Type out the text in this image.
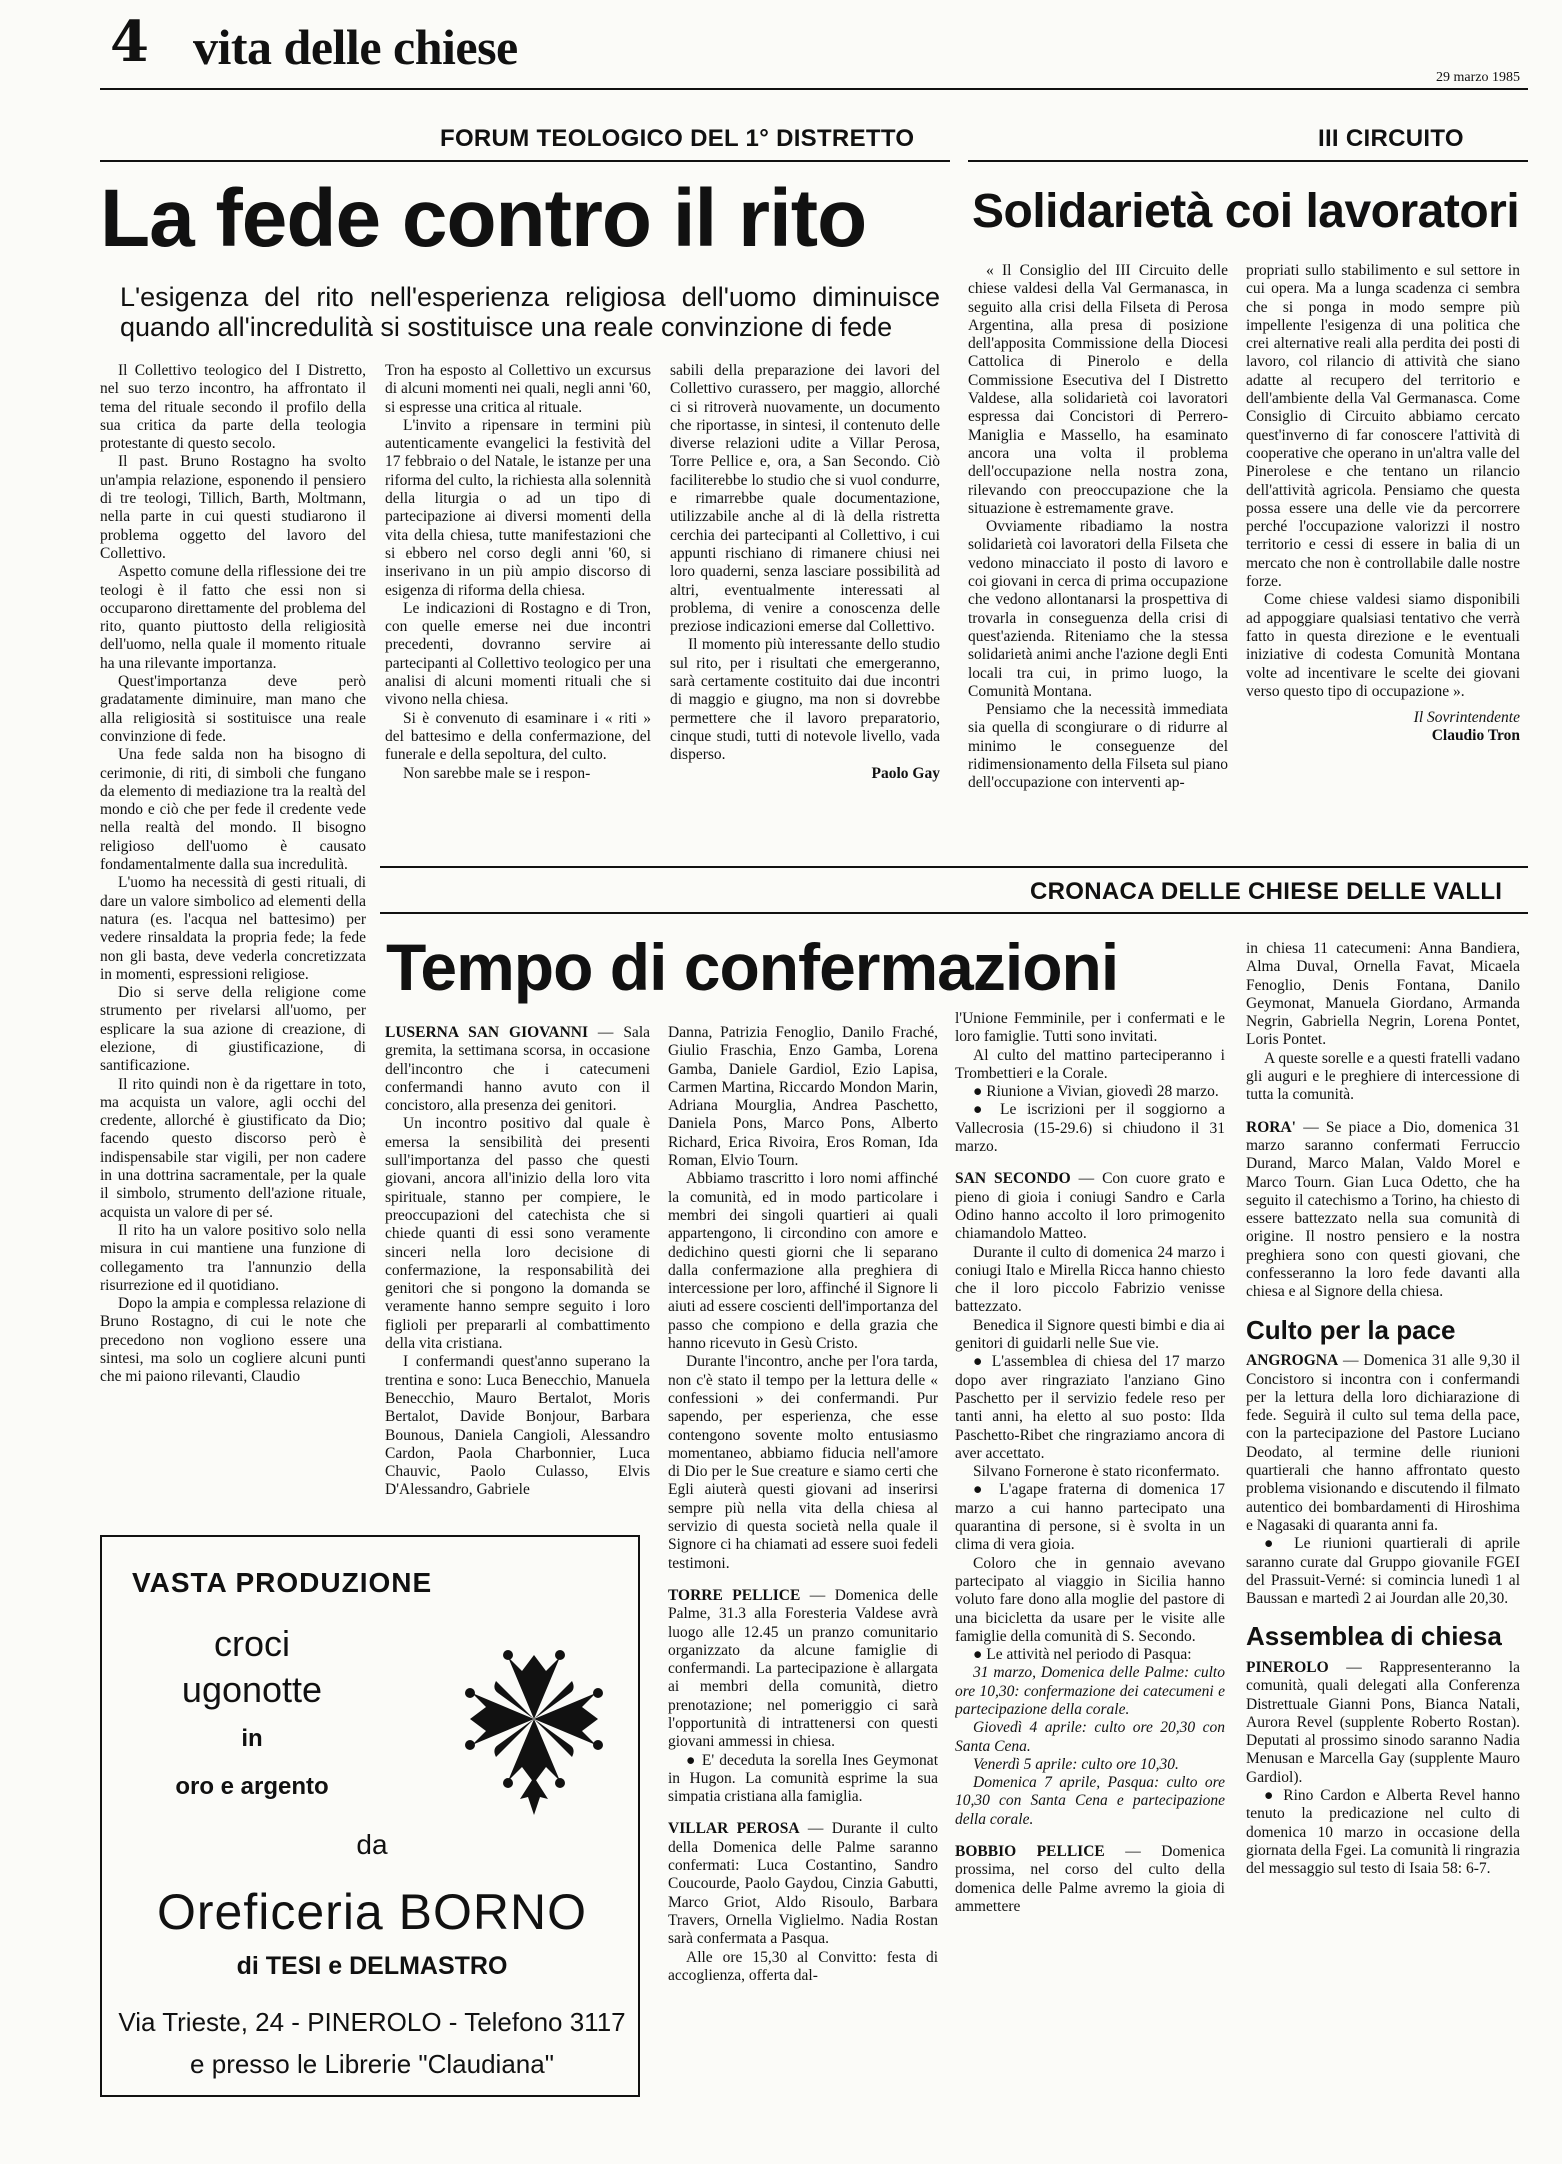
4 vita delle chiese
29 marzo 1985
FORUM TEOLOGICO DEL 1° DISTRETTO
La fede contro il rito
L'esigenza del rito nell'esperienza religiosa dell'uomo diminuisce quando all'incredulità si sostituisce una reale convinzione di fede

Il Collettivo teologico del I Distretto, nel suo terzo incontro, ha affrontato il tema del rituale secondo il profilo della sua critica da parte della teologia protestante di questo secolo.

Il past. Bruno Rostagno ha svolto un'ampia relazione, esponendo il pensiero di tre teologi, Tillich, Barth, Moltmann, nella parte in cui questi studiarono il problema oggetto del lavoro del Collettivo.

Aspetto comune della riflessione dei tre teologi è il fatto che essi non si occuparono direttamente del problema del rito, quanto piuttosto della religiosità dell'uomo, nella quale il momento rituale ha una rilevante importanza.

Quest'importanza deve però gradatamente diminuire, man mano che alla religiosità si sostituisce una reale convinzione di fede.

Una fede salda non ha bisogno di cerimonie, di riti, di simboli che fungano da elemento di mediazione tra la realtà del mondo e ciò che per fede il credente vede nella realtà del mondo. Il bisogno religioso dell'uomo è causato fondamentalmente dalla sua incredulità.

L'uomo ha necessità di gesti rituali, di dare un valore simbolico ad elementi della natura (es. l'acqua nel battesimo) per vedere rinsaldata la propria fede; la fede non gli basta, deve vederla concretizzata in momenti, espressioni religiose.

Dio si serve della religione come strumento per rivelarsi all'uomo, per esplicare la sua azione di creazione, di elezione, di giustificazione, di santificazione.

Il rito quindi non è da rigettare in toto, ma acquista un valore, agli occhi del credente, allorché è giustificato da Dio; facendo questo discorso però è indispensabile star vigili, per non cadere in una dottrina sacramentale, per la quale il simbolo, strumento dell'azione rituale, acquista un valore di per sé.

Il rito ha un valore positivo solo nella misura in cui mantiene una funzione di collegamento tra l'annunzio della risurrezione ed il quotidiano.

Dopo la ampia e complessa relazione di Bruno Rostagno, di cui le note che precedono non vogliono essere una sintesi, ma solo un cogliere alcuni punti che mi paiono rilevanti, Claudio

Tron ha esposto al Collettivo un excursus di alcuni momenti nei quali, negli anni '60, si espresse una critica al rituale.

L'invito a ripensare in termini più autenticamente evangelici la festività del 17 febbraio o del Natale, le istanze per una riforma del culto, la richiesta alla solennità della liturgia o ad un tipo di partecipazione ai diversi momenti della vita della chiesa, tutte manifestazioni che si ebbero nel corso degli anni '60, si inserivano in un più ampio discorso di esigenza di riforma della chiesa.

Le indicazioni di Rostagno e di Tron, con quelle emerse nei due incontri precedenti, dovranno servire ai partecipanti al Collettivo teologico per una analisi di alcuni momenti rituali che si vivono nella chiesa.

Si è convenuto di esaminare i « riti » del battesimo e della confermazione, del funerale e della sepoltura, del culto.

Non sarebbe male se i respon-

sabili della preparazione dei lavori del Collettivo curassero, per maggio, allorché ci si ritroverà nuovamente, un documento che riportasse, in sintesi, il contenuto delle diverse relazioni udite a Villar Perosa, Torre Pellice e, ora, a San Secondo. Ciò faciliterebbe lo studio che si vuol condurre, e rimarrebbe quale documentazione, utilizzabile anche al di là della ristretta cerchia dei partecipanti al Collettivo, i cui appunti rischiano di rimanere chiusi nei loro quaderni, senza lasciare possibilità ad altri, eventualmente interessati al problema, di venire a conoscenza delle preziose indicazioni emerse dal Collettivo.

Il momento più interessante dello studio sul rito, per i risultati che emergeranno, sarà certamente costituito dai due incontri di maggio e giugno, ma non si dovrebbe permettere che il lavoro preparatorio, cinque studi, tutti di notevole livello, vada disperso.

Paolo Gay
III CIRCUITO
Solidarietà coi lavoratori

« Il Consiglio del III Circuito delle chiese valdesi della Val Germanasca, in seguito alla crisi della Filseta di Perosa Argentina, alla presa di posizione dell'apposita Commissione della Diocesi Cattolica di Pinerolo e della Commissione Esecutiva del I Distretto Valdese, alla solidarietà coi lavoratori espressa dai Concistori di Perrero-Maniglia e Massello, ha esaminato ancora una volta il problema dell'occupazione nella nostra zona, rilevando con preoccupazione che la situazione è estremamente grave.

Ovviamente ribadiamo la nostra solidarietà coi lavoratori della Filseta che vedono minacciato il posto di lavoro e coi giovani in cerca di prima occupazione che vedono allontanarsi la prospettiva di trovarla in conseguenza della crisi di quest'azienda. Riteniamo che la stessa solidarietà animi anche l'azione degli Enti locali tra cui, in primo luogo, la Comunità Montana.

Pensiamo che la necessità immediata sia quella di scongiurare o di ridurre al minimo le conseguenze del ridimensionamento della Filseta sul piano dell'occupazione con interventi ap-

propriati sullo stabilimento e sul settore in cui opera. Ma a lunga scadenza ci sembra che si ponga in modo sempre più impellente l'esigenza di una politica che crei alternative reali alla perdita dei posti di lavoro, col rilancio di attività che siano adatte al recupero del territorio e dell'ambiente della Val Germanasca. Come Consiglio di Circuito abbiamo cercato quest'inverno di far conoscere l'attività di cooperative che operano in un'altra valle del Pinerolese e che tentano un rilancio dell'attività agricola. Pensiamo che questa possa essere una delle vie da percorrere perché l'occupazione valorizzi il nostro territorio e cessi di essere in balia di un mercato che non è controllabile dalle nostre forze.

Come chiese valdesi siamo disponibili ad appoggiare qualsiasi tentativo che verrà fatto in questa direzione e le eventuali iniziative di codesta Comunità Montana volte ad incentivare le scelte dei giovani verso questo tipo di occupazione ».

Il Sovrintendente
Claudio Tron
CRONACA DELLE CHIESE DELLE VALLI
Tempo di confermazioni

LUSERNA SAN GIOVANNI — Sala gremita, la settimana scorsa, in occasione dell'incontro che i catecumeni confermandi hanno avuto con il concistoro, alla presenza dei genitori.

Un incontro positivo dal quale è emersa la sensibilità dei presenti sull'importanza del passo che questi giovani, ancora all'inizio della loro vita spirituale, stanno per compiere, le preoccupazioni del catechista che si chiede quanti di essi sono veramente sinceri nella loro decisione di confermazione, la responsabilità dei genitori che si pongono la domanda se veramente hanno sempre seguito i loro figlioli per prepararli al combattimento della vita cristiana.

I confermandi quest'anno superano la trentina e sono: Luca Benecchio, Manuela Benecchio, Mauro Bertalot, Moris Bertalot, Davide Bonjour, Barbara Bounous, Daniela Cangioli, Alessandro Cardon, Paola Charbonnier, Luca Chauvic, Paolo Culasso, Elvis D'Alessandro, Gabriele

Danna, Patrizia Fenoglio, Danilo Fraché, Giulio Fraschia, Enzo Gamba, Lorena Gamba, Daniele Gardiol, Ezio Lapisa, Carmen Martina, Riccardo Mondon Marin, Adriana Mourglia, Andrea Paschetto, Daniela Pons, Marco Pons, Alberto Richard, Erica Rivoira, Eros Roman, Ida Roman, Elvio Tourn.

Abbiamo trascritto i loro nomi affinché la comunità, ed in modo particolare i membri dei singoli quartieri ai quali appartengono, li circondino con amore e dedichino questi giorni che li separano dalla confermazione alla preghiera di intercessione per loro, affinché il Signore li aiuti ad essere coscienti dell'importanza del passo che compiono e della grazia che hanno ricevuto in Gesù Cristo.

Durante l'incontro, anche per l'ora tarda, non c'è stato il tempo per la lettura delle « confessioni » dei confermandi. Pur sapendo, per esperienza, che esse contengono sovente molto entusiasmo momentaneo, abbiamo fiducia nell'amore di Dio per le Sue creature e siamo certi che Egli aiuterà questi giovani ad inserirsi sempre più nella vita della chiesa al servizio di questa società nella quale il Signore ci ha chiamati ad essere suoi fedeli testimoni.

TORRE PELLICE — Domenica delle Palme, 31.3 alla Foresteria Valdese avrà luogo alle 12.45 un pranzo comunitario organizzato da alcune famiglie di confermandi. La partecipazione è allargata ai membri della comunità, dietro prenotazione; nel pomeriggio ci sarà l'opportunità di intrattenersi con questi giovani ammessi in chiesa.

● E' deceduta la sorella Ines Geymonat in Hugon. La comunità esprime la sua simpatia cristiana alla famiglia.

VILLAR PEROSA — Durante il culto della Domenica delle Palme saranno confermati: Luca Costantino, Sandro Coucourde, Paolo Gaydou, Cinzia Gabutti, Marco Griot, Aldo Risoulo, Barbara Travers, Ornella Viglielmo. Nadia Rostan sarà confermata a Pasqua.

Alle ore 15,30 al Convitto: festa di accoglienza, offerta dal-

l'Unione Femminile, per i confermati e le loro famiglie. Tutti sono invitati.

Al culto del mattino parteciperanno i Trombettieri e la Corale.

● Riunione a Vivian, giovedì 28 marzo.

● Le iscrizioni per il soggiorno a Vallecrosia (15-29.6) si chiudono il 31 marzo.

SAN SECONDO — Con cuore grato e pieno di gioia i coniugi Sandro e Carla Odino hanno accolto il loro primogenito chiamandolo Matteo.

Durante il culto di domenica 24 marzo i coniugi Italo e Mirella Ricca hanno chiesto che il loro piccolo Fabrizio venisse battezzato.

Benedica il Signore questi bimbi e dia ai genitori di guidarli nelle Sue vie.

● L'assemblea di chiesa del 17 marzo dopo aver ringraziato l'anziano Gino Paschetto per il servizio fedele reso per tanti anni, ha eletto al suo posto: Ilda Paschetto-Ribet che ringraziamo ancora di aver accettato.

Silvano Fornerone è stato riconfermato.

● L'agape fraterna di domenica 17 marzo a cui hanno partecipato una quarantina di persone, si è svolta in un clima di vera gioia.

Coloro che in gennaio avevano partecipato al viaggio in Sicilia hanno voluto fare dono alla moglie del pastore di una bicicletta da usare per le visite alle famiglie della comunità di S. Secondo.

● Le attività nel periodo di Pasqua:

31 marzo, Domenica delle Palme: culto ore 10,30: confermazione dei catecumeni e partecipazione della corale.

Giovedì 4 aprile: culto ore 20,30 con Santa Cena.

Venerdì 5 aprile: culto ore 10,30.

Domenica 7 aprile, Pasqua: culto ore 10,30 con Santa Cena e partecipazione della corale.

BOBBIO PELLICE — Domenica prossima, nel corso del culto della domenica delle Palme avremo la gioia di ammettere

in chiesa 11 catecumeni: Anna Bandiera, Alma Duval, Ornella Favat, Micaela Fenoglio, Denis Fontana, Danilo Geymonat, Manuela Giordano, Armanda Negrin, Gabriella Negrin, Lorena Pontet, Loris Pontet.

A queste sorelle e a questi fratelli vadano gli auguri e le preghiere di intercessione di tutta la comunità.

RORA' — Se piace a Dio, domenica 31 marzo saranno confermati Ferruccio Durand, Marco Malan, Valdo Morel e Marco Tourn. Gian Luca Odetto, che ha seguito il catechismo a Torino, ha chiesto di essere battezzato nella sua comunità di origine. Il nostro pensiero e la nostra preghiera sono con questi giovani, che confesseranno la loro fede davanti alla chiesa e al Signore della chiesa.

Culto per la pace

ANGROGNA — Domenica 31 alle 9,30 il Concistoro si incontra con i confermandi per la lettura della loro dichiarazione di fede. Seguirà il culto sul tema della pace, con la partecipazione del Pastore Luciano Deodato, al termine delle riunioni quartierali che hanno affrontato questo problema visionando e discutendo il filmato autentico dei bombardamenti di Hiroshima e Nagasaki di quaranta anni fa.

● Le riunioni quartierali di aprile saranno curate dal Gruppo giovanile FGEI del Prassuit-Verné: si comincia lunedì 1 al Baussan e martedì 2 ai Jourdan alle 20,30.

Assemblea di chiesa

PINEROLO — Rappresenteranno la comunità, quali delegati alla Conferenza Distrettuale Gianni Pons, Bianca Natali, Aurora Revel (supplente Roberto Rostan). Deputati al prossimo sinodo saranno Nadia Menusan e Marcella Gay (supplente Mauro Gardiol).

● Rino Cardon e Alberta Revel hanno tenuto la predicazione nel culto di domenica 10 marzo in occasione della giornata della Fgei. La comunità li ringrazia del messaggio sul testo di Isaia 58: 6-7.

VASTA PRODUZIONE
croci
ugonotte
in
oro e argento
da
Oreficeria BORNO
di TESI e DELMASTRO
Via Trieste, 24 - PINEROLO - Telefono 3117
e presso le Librerie "Claudiana"
